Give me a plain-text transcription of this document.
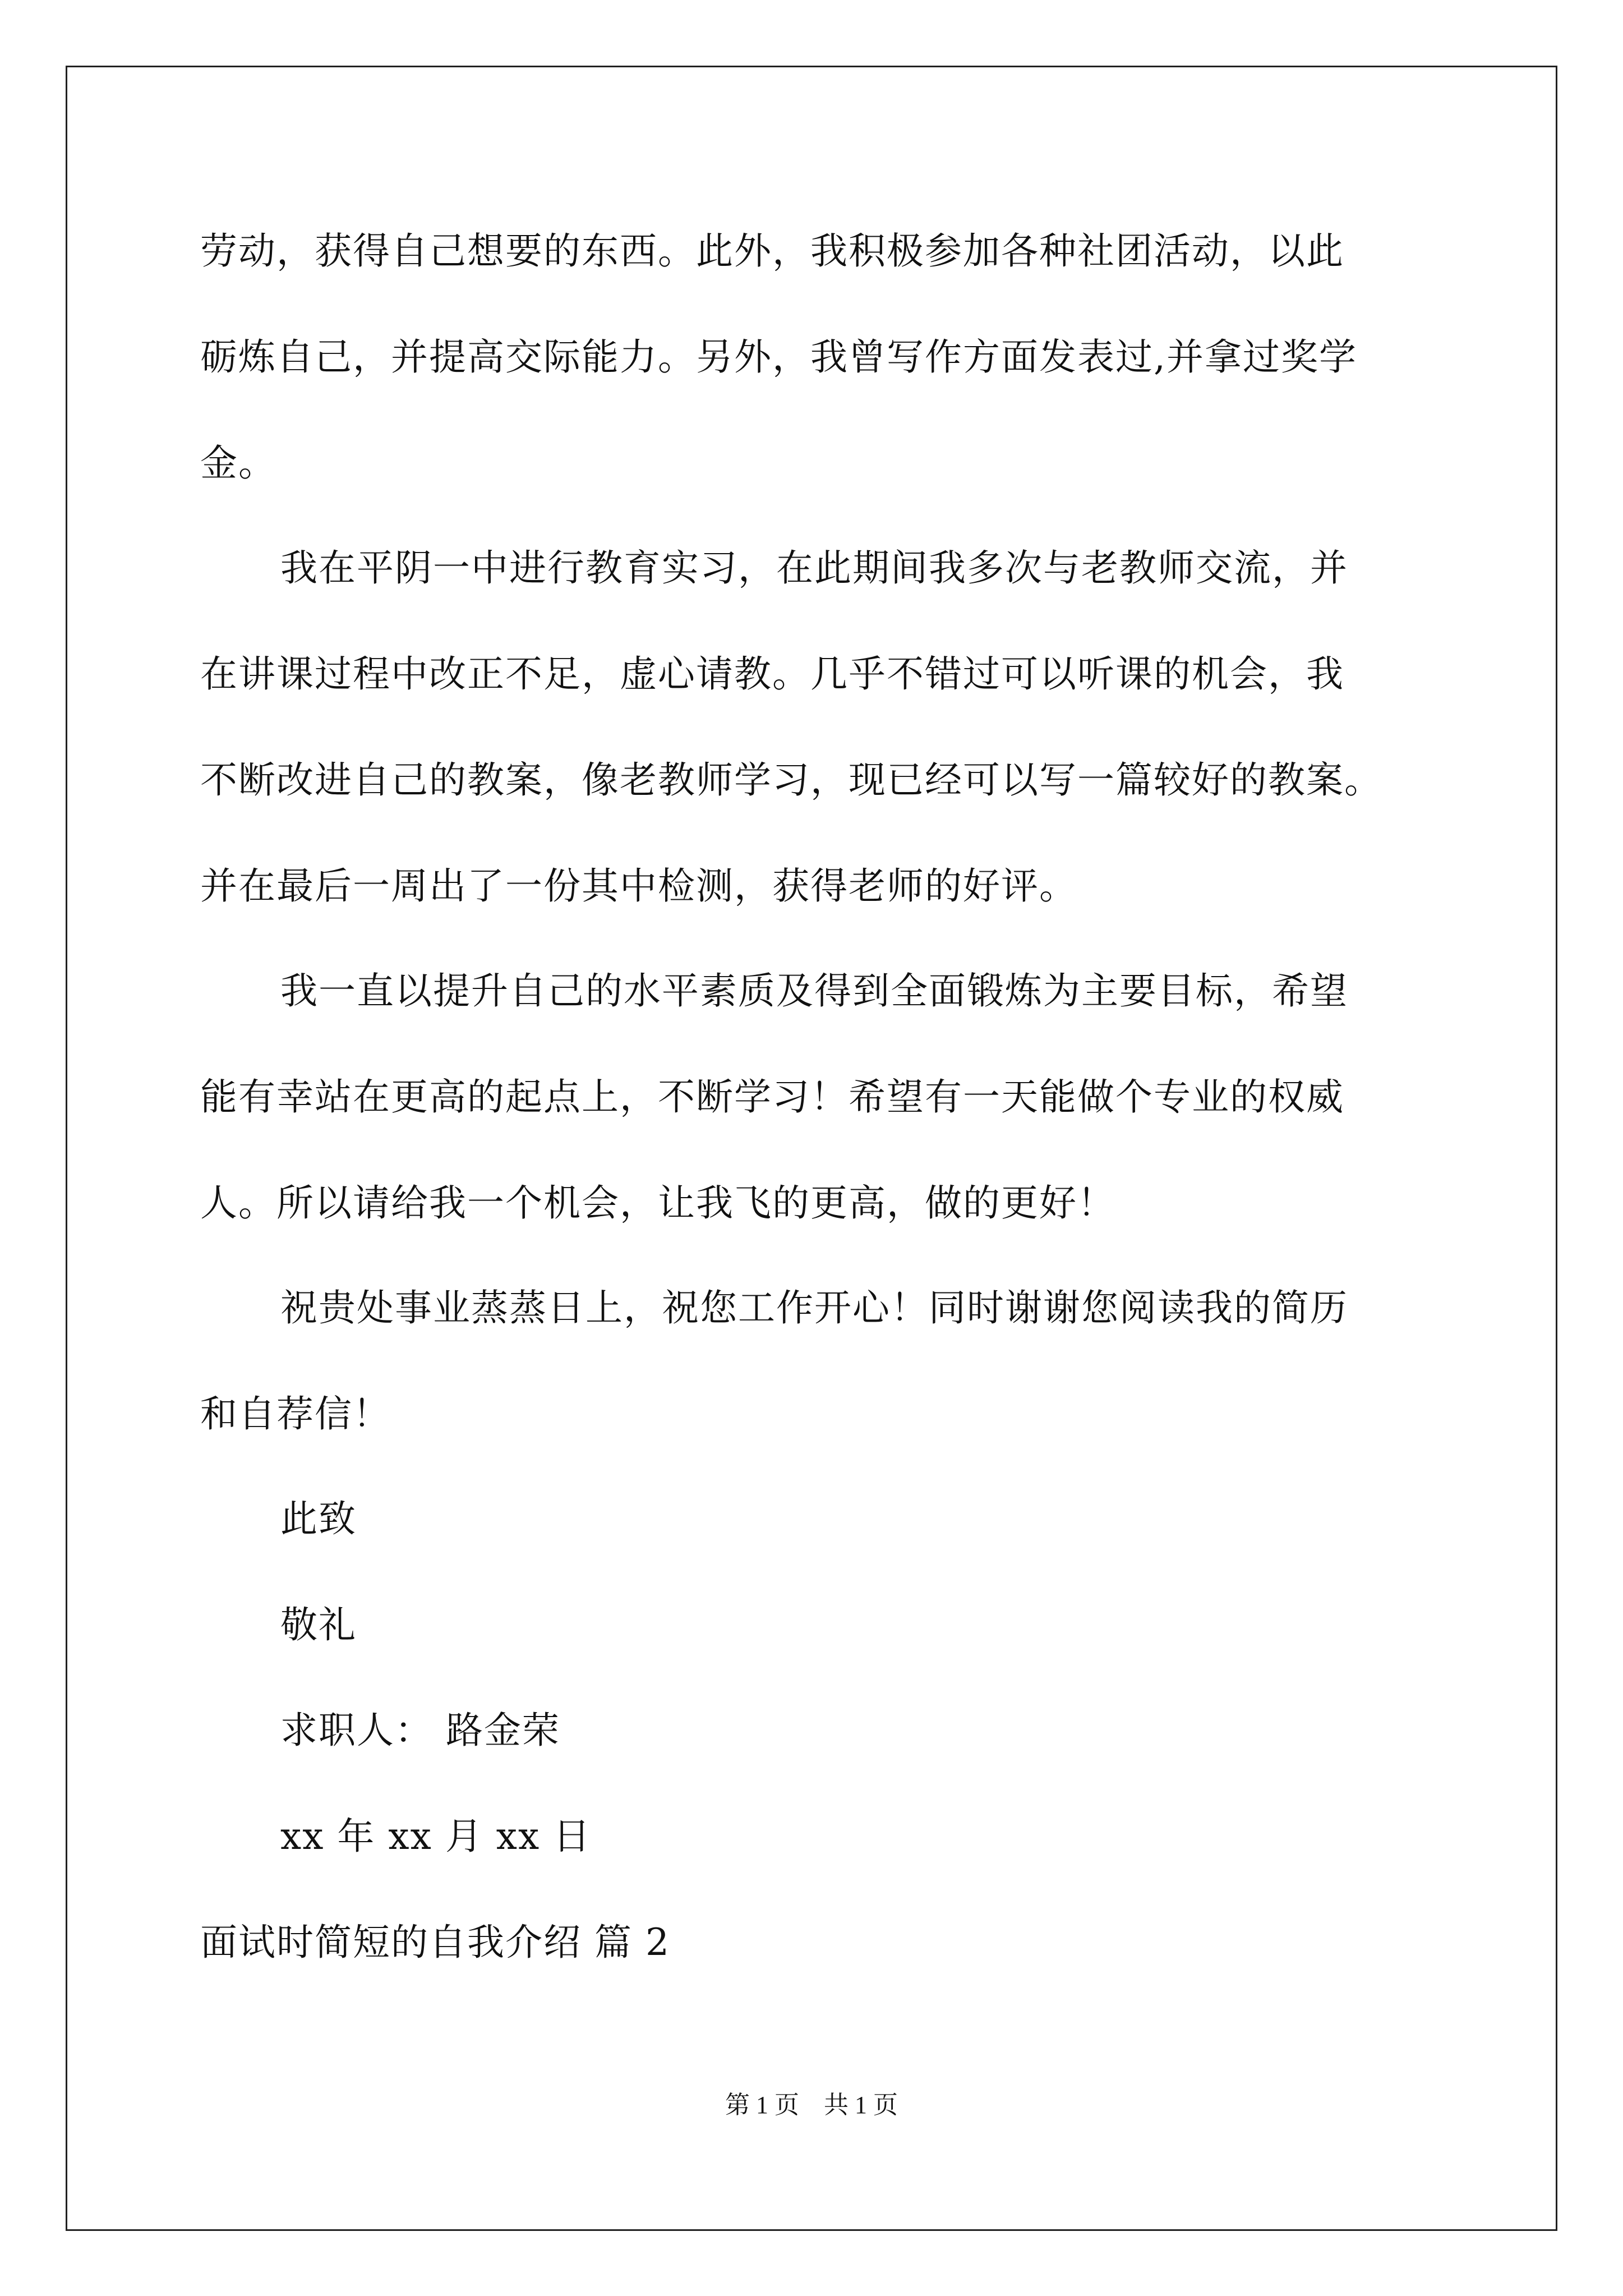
劳动，获得自己想要的东西。此外，我积极参加各种社团活动，以此
砺炼自己，并提高交际能力。另外，我曾写作方面发表过,并拿过奖学
金。
我在平阴一中进行教育实习，在此期间我多次与老教师交流，并
在讲课过程中改正不足，虚心请教。几乎不错过可以听课的机会，我
不断改进自己的教案，像老教师学习，现已经可以写一篇较好的教案。
并在最后一周出了一份其中检测，获得老师的好评。
我一直以提升自己的水平素质及得到全面锻炼为主要目标，希望
能有幸站在更高的起点上，不断学习！希望有一天能做个专业的权威
人。所以请给我一个机会，让我飞的更高，做的更好！
祝贵处事业蒸蒸日上，祝您工作开心！同时谢谢您阅读我的简历
和自荐信！
此致
敬礼
求职人： 路金荣
xx 年 xx 月 xx 日
面试时简短的自我介绍 篇 2
第 1 页    共 1 页
